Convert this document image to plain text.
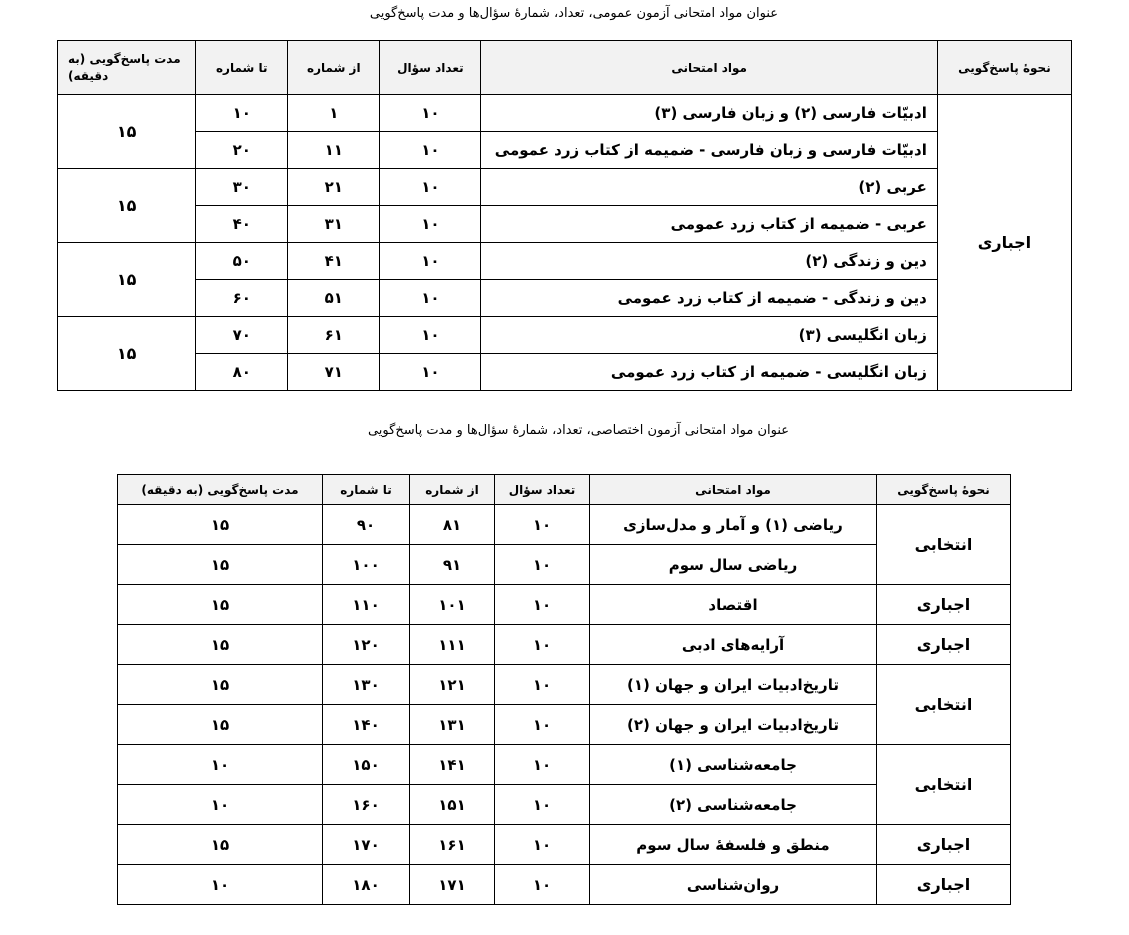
عنوان مواد امتحانی آزمون عمومی، تعداد، شمارهٔ سؤال‌ها و مدت پاسخ‌گویی
نحوهٔ پاسخ‌گویی	مواد امتحانی	تعداد سؤال	از شماره	تا شماره	مدت پاسخ‌گویی (به دقیقه)
اجباری	ادبیّات فارسی (۲) و زبان فارسی (۳)	۱۰	۱	۱۰	۱۵
	ادبیّات فارسی و زبان فارسی - ضمیمه از کتاب زرد عمومی	۱۰	۱۱	۲۰	
	عربی (۲)	۱۰	۲۱	۳۰	۱۵
	عربی - ضمیمه از کتاب زرد عمومی	۱۰	۳۱	۴۰	
	دین و زندگی (۲)	۱۰	۴۱	۵۰	۱۵
	دین و زندگی - ضمیمه از کتاب زرد عمومی	۱۰	۵۱	۶۰	
	زبان انگلیسی (۳)	۱۰	۶۱	۷۰	۱۵
	زبان انگلیسی - ضمیمه از کتاب زرد عمومی	۱۰	۷۱	۸۰	
عنوان مواد امتحانی آزمون اختصاصی، تعداد، شمارهٔ سؤال‌ها و مدت پاسخ‌گویی
نحوهٔ پاسخ‌گویی	مواد امتحانی	تعداد سؤال	از شماره	تا شماره	مدت پاسخ‌گویی (به دقیقه)
انتخابی	ریاضی (۱) و آمار و مدل‌سازی	۱۰	۸۱	۹۰	۱۵
	ریاضی سال سوم	۱۰	۹۱	۱۰۰	۱۵
اجباری	اقتصاد	۱۰	۱۰۱	۱۱۰	۱۵
اجباری	آرایه‌های ادبی	۱۰	۱۱۱	۱۲۰	۱۵
انتخابی	تاریخ‌ادبیات ایران و جهان (۱)	۱۰	۱۲۱	۱۳۰	۱۵
	تاریخ‌ادبیات ایران و جهان (۲)	۱۰	۱۳۱	۱۴۰	۱۵
انتخابی	جامعه‌شناسی (۱)	۱۰	۱۴۱	۱۵۰	۱۰
	جامعه‌شناسی (۲)	۱۰	۱۵۱	۱۶۰	۱۰
اجباری	منطق و فلسفهٔ سال سوم	۱۰	۱۶۱	۱۷۰	۱۵
اجباری	روان‌شناسی	۱۰	۱۷۱	۱۸۰	۱۰
